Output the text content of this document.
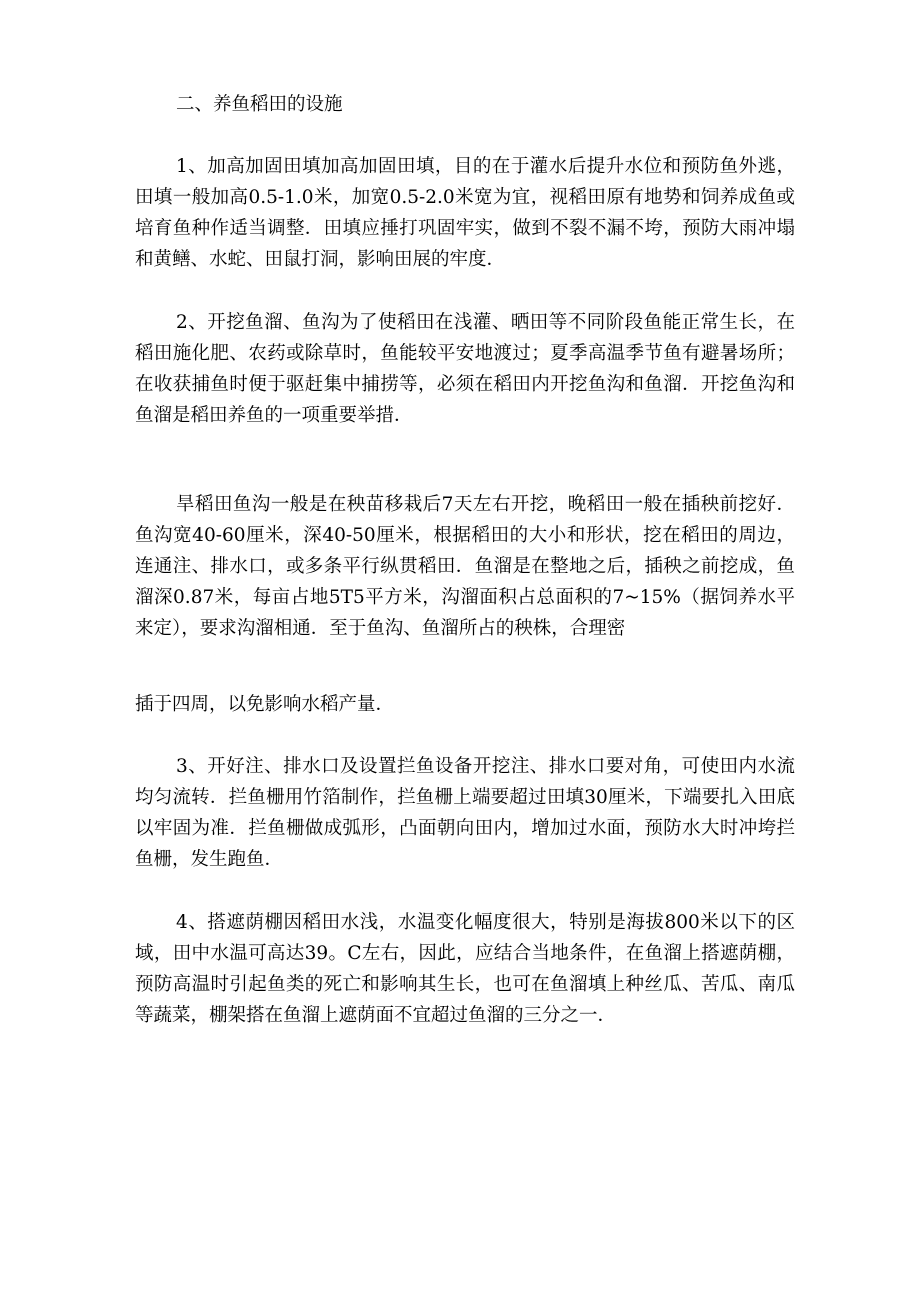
二、养鱼稻田的设施

1、加高加固田填加高加固田填，目的在于灌水后提升水位和预防鱼外逃，田填一般加高0.5-1.0米，加宽0.5-2.0米宽为宜，视稻田原有地势和饲养成鱼或培育鱼种作适当调整．田填应捶打巩固牢实，做到不裂不漏不垮，预防大雨冲塌和黄鳝、水蛇、田鼠打洞，影响田展的牢度．

2、开挖鱼溜、鱼沟为了使稻田在浅灌、晒田等不同阶段鱼能正常生长，在稻田施化肥、农药或除草时，鱼能较平安地渡过；夏季高温季节鱼有避暑场所；在收获捕鱼时便于驱赶集中捕捞等，必须在稻田内开挖鱼沟和鱼溜．开挖鱼沟和鱼溜是稻田养鱼的一项重要举措．

旱稻田鱼沟一般是在秧苗移栽后7天左右开挖，晚稻田一般在插秧前挖好．鱼沟宽40-60厘米，深40-50厘米，根据稻田的大小和形状，挖在稻田的周边，连通注、排水口，或多条平行纵贯稻田．鱼溜是在整地之后，插秧之前挖成，鱼溜深0.87米，每亩占地5T5平方米，沟溜面积占总面积的7~15%（据饲养水平来定），要求沟溜相通．至于鱼沟、鱼溜所占的秧株，合理密

插于四周，以免影响水稻产量．

3、开好注、排水口及设置拦鱼设备开挖注、排水口要对角，可使田内水流均匀流转．拦鱼栅用竹箔制作，拦鱼栅上端要超过田填30厘米，下端要扎入田底以牢固为准．拦鱼栅做成弧形，凸面朝向田内，增加过水面，预防水大时冲垮拦鱼栅，发生跑鱼．

4、搭遮荫棚因稻田水浅，水温变化幅度很大，特别是海拔800米以下的区域，田中水温可高达39。C左右，因此，应结合当地条件，在鱼溜上搭遮荫棚，预防高温时引起鱼类的死亡和影响其生长，也可在鱼溜填上种丝瓜、苦瓜、南瓜等蔬菜，棚架搭在鱼溜上遮荫面不宜超过鱼溜的三分之一．
